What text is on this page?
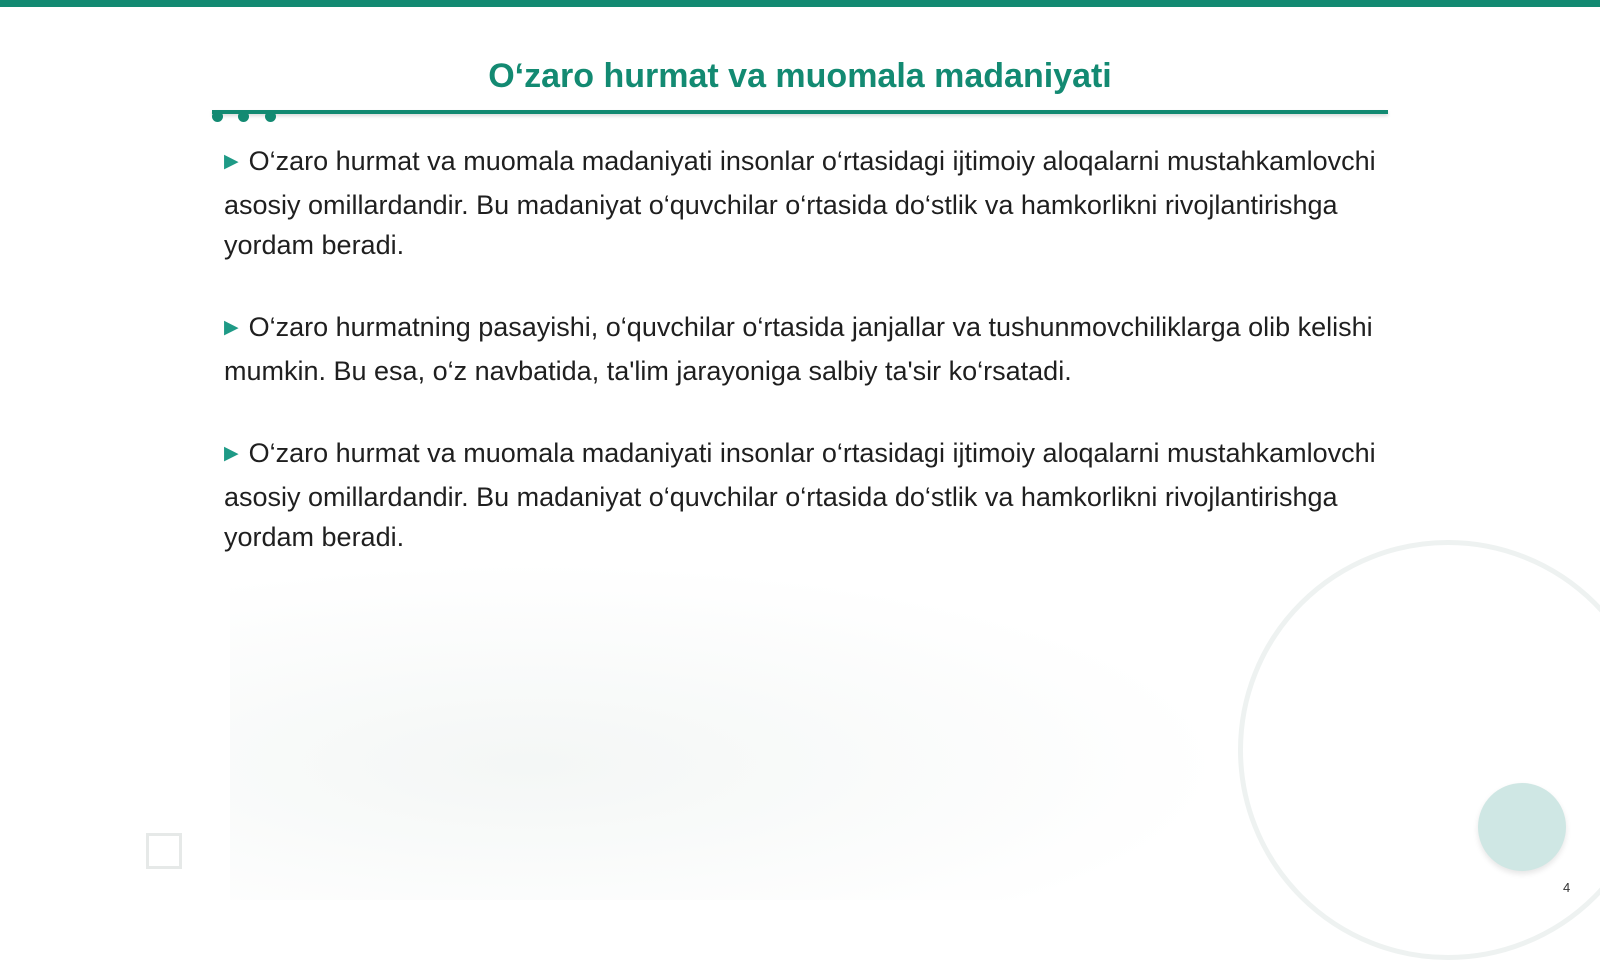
O‘zaro hurmat va muomala madaniyati
▶ O‘zaro hurmat va muomala madaniyati insonlar o‘rtasidagi ijtimoiy aloqalarni mustahkamlovchi asosiy omillardandir. Bu madaniyat o‘quvchilar o‘rtasida do‘stlik va hamkorlikni rivojlantirishga yordam beradi.
▶ O‘zaro hurmatning pasayishi, o‘quvchilar o‘rtasida janjallar va tushunmovchiliklarga olib kelishi mumkin. Bu esa, o‘z navbatida, ta'lim jarayoniga salbiy ta'sir ko‘rsatadi.
▶ O‘zaro hurmat va muomala madaniyati insonlar o‘rtasidagi ijtimoiy aloqalarni mustahkamlovchi asosiy omillardandir. Bu madaniyat o‘quvchilar o‘rtasida do‘stlik va hamkorlikni rivojlantirishga yordam beradi.
4
